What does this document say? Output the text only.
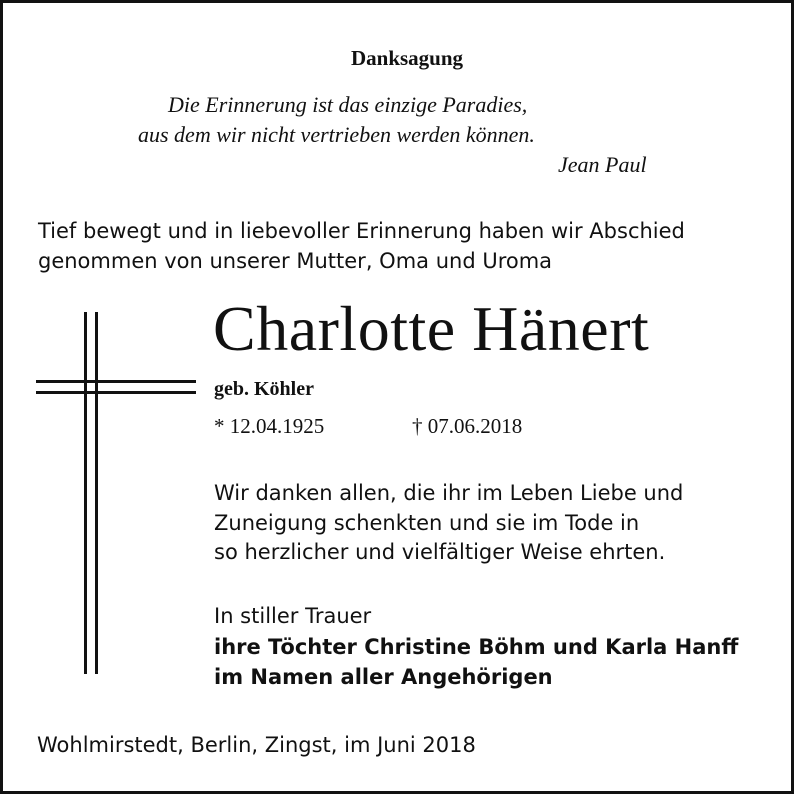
Danksagung
Die Erinnerung ist das einzige Paradies,
aus dem wir nicht vertrieben werden können.
Jean Paul
Tief bewegt und in liebevoller Erinnerung haben wir Abschied
genommen von unserer Mutter, Oma und Uroma
Charlotte Hänert
geb. Köhler
* 12.04.1925	† 07.06.2018
Wir danken allen, die ihr im Leben Liebe und
Zuneigung schenkten und sie im Tode in
so herzlicher und vielfältiger Weise ehrten.
In stiller Trauer
ihre Töchter Christine Böhm und Karla Hanff
im Namen aller Angehörigen
Wohlmirstedt, Berlin, Zingst, im Juni 2018
